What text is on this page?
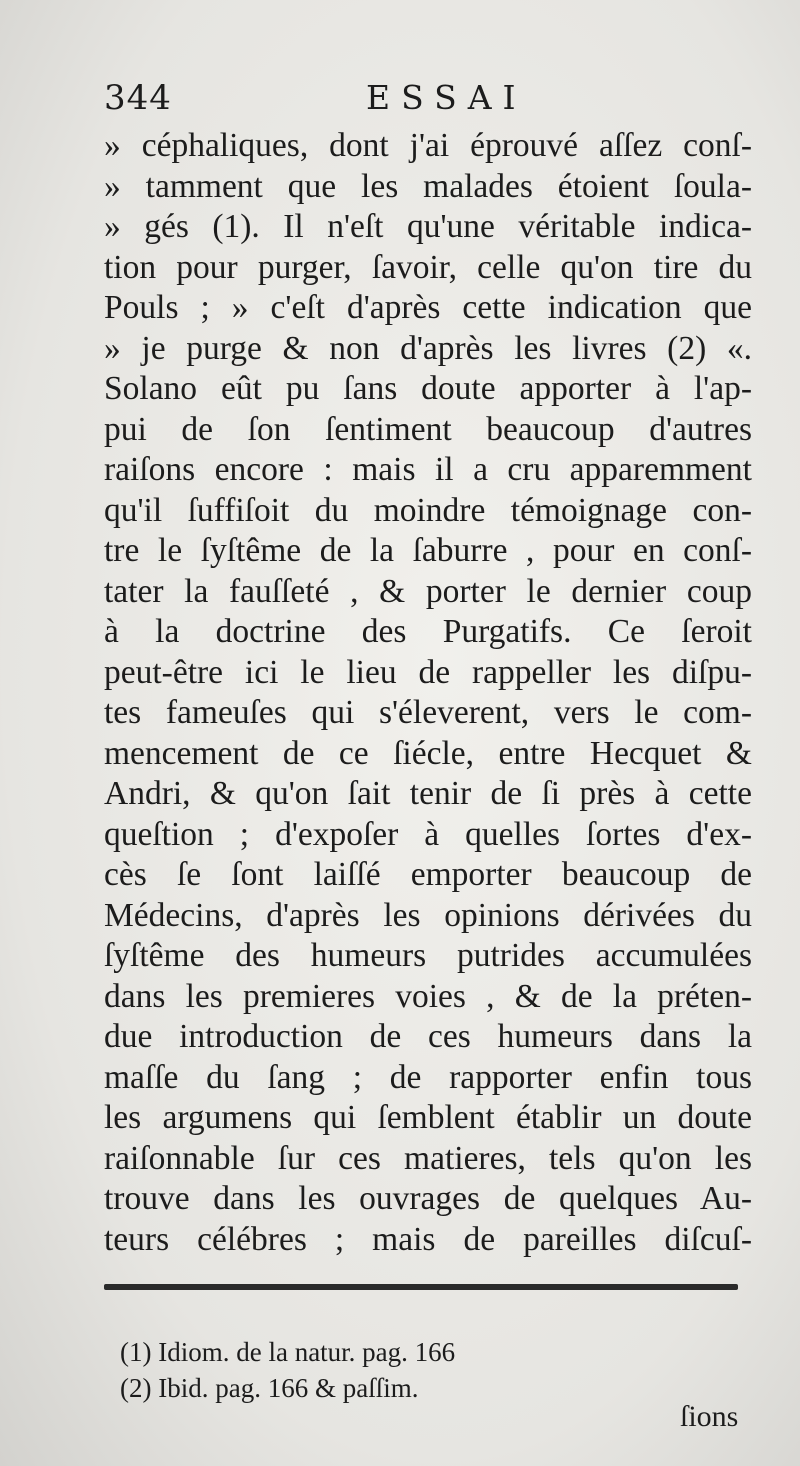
344	ESSAI
» céphaliques, dont j'ai éprouvé aſſez conſ-
» tamment que les malades étoient ſoula-
» gés (1). Il n'eſt qu'une véritable indica-
tion pour purger, ſavoir, celle qu'on tire du
Pouls ; » c'eſt d'après cette indication que
» je purge & non d'après les livres (2) «.
Solano eût pu ſans doute apporter à l'ap-
pui de ſon ſentiment beaucoup d'autres
raiſons encore : mais il a cru apparemment
qu'il ſuffiſoit du moindre témoignage con-
tre le ſyſtême de la ſaburre , pour en conſ-
tater la fauſſeté , & porter le dernier coup
à la doctrine des Purgatifs. Ce ſeroit
peut-être ici le lieu de rappeller les diſpu-
tes fameuſes qui s'éleverent, vers le com-
mencement de ce ſiécle, entre Hecquet &
Andri, & qu'on ſait tenir de ſi près à cette
queſtion ; d'expoſer à quelles ſortes d'ex-
cès ſe ſont laiſſé emporter beaucoup de
Médecins, d'après les opinions dérivées du
ſyſtême des humeurs putrides accumulées
dans les premieres voies , & de la préten-
due introduction de ces humeurs dans la
maſſe du ſang ; de rapporter enfin tous
les argumens qui ſemblent établir un doute
raiſonnable ſur ces matieres, tels qu'on les
trouve dans les ouvrages de quelques Au-
teurs célébres ; mais de pareilles diſcuſ-
(1) Idiom. de la natur. pag. 166
(2) Ibid. pag. 166 & paſſim.
ſions
